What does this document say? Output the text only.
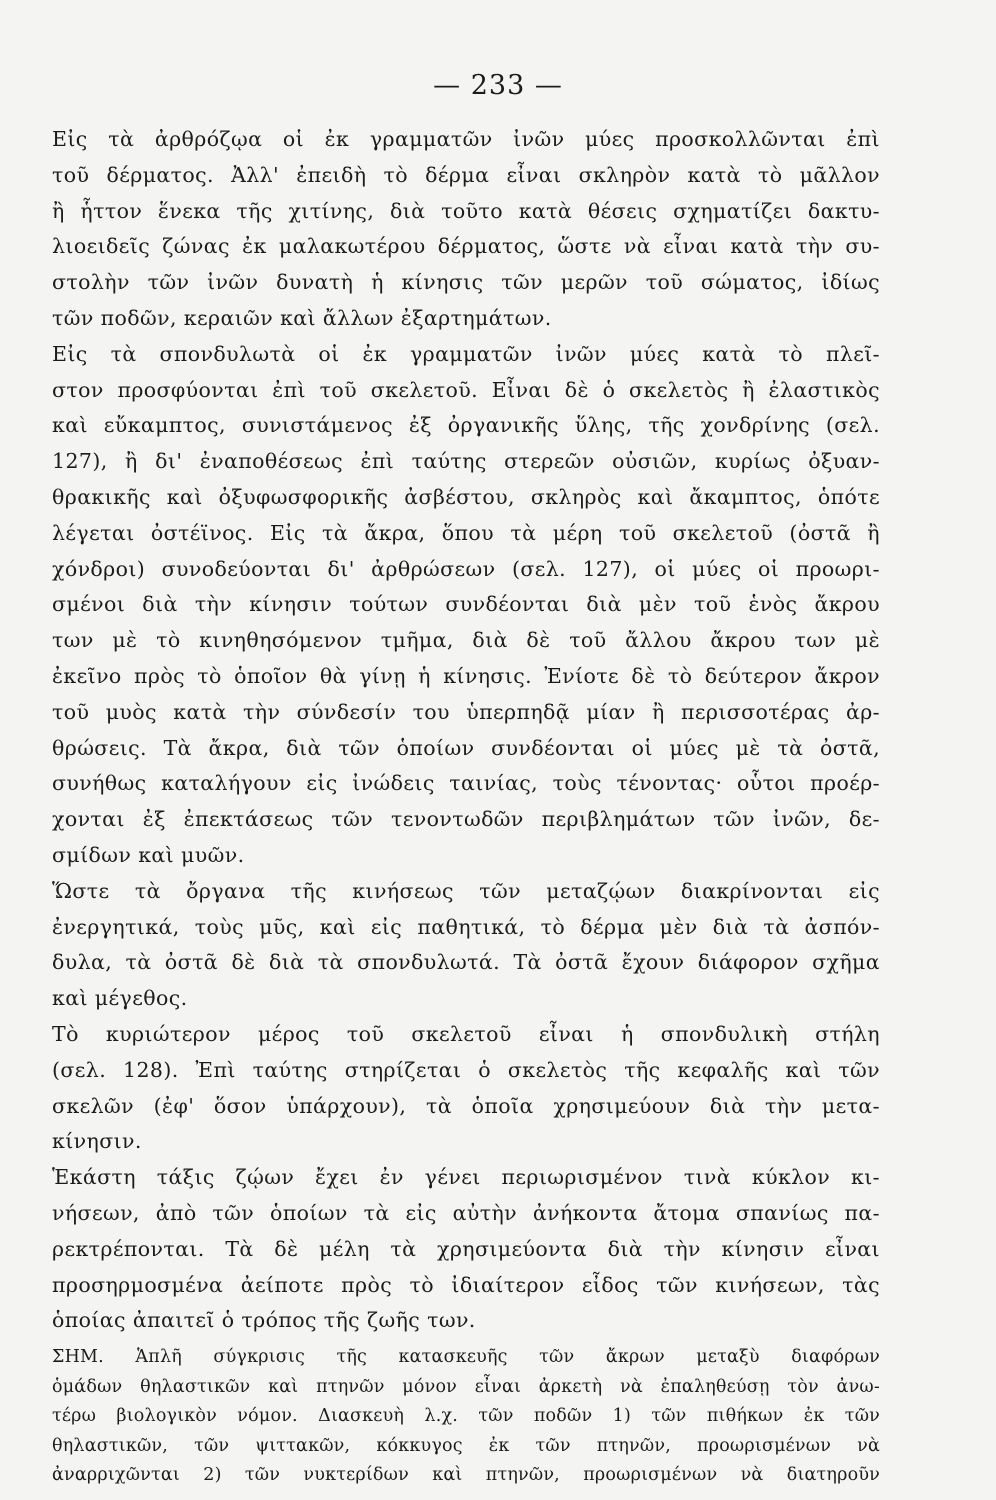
— 233 —
Εἰς τὰ ἀρθρόζῳα οἱ ἐκ γραμματῶν ἰνῶν μύες προσκολλῶνται ἐπὶ
τοῦ δέρματος. Ἀλλ' ἐπειδὴ τὸ δέρμα εἶναι σκληρὸν κατὰ τὸ μᾶλλον
ἢ ἧττον ἕνεκα τῆς χιτίνης, διὰ τοῦτο κατὰ θέσεις σχηματίζει δακτυ-
λιοειδεῖς ζώνας ἐκ μαλακωτέρου δέρματος, ὥστε νὰ εἶναι κατὰ τὴν συ-
στολὴν τῶν ἰνῶν δυνατὴ ἡ κίνησις τῶν μερῶν τοῦ σώματος, ἰδίως
τῶν ποδῶν, κεραιῶν καὶ ἄλλων ἐξαρτημάτων.
Εἰς τὰ σπονδυλωτὰ οἱ ἐκ γραμματῶν ἰνῶν μύες κατὰ τὸ πλεῖ-
στον προσφύονται ἐπὶ τοῦ σκελετοῦ. Εἶναι δὲ ὁ σκελετὸς ἢ ἐλαστικὸς
καὶ εὔκαμπτος, συνιστάμενος ἐξ ὀργανικῆς ὕλης, τῆς χονδρίνης (σελ.
127), ἢ δι' ἐναποθέσεως ἐπὶ ταύτης στερεῶν οὐσιῶν, κυρίως ὀξυαν-
θρακικῆς καὶ ὀξυφωσφορικῆς ἀσβέστου, σκληρὸς καὶ ἄκαμπτος, ὁπότε
λέγεται ὀστέϊνος. Εἰς τὰ ἄκρα, ὅπου τὰ μέρη τοῦ σκελετοῦ (ὀστᾶ ἢ
χόνδροι) συνοδεύονται δι' ἀρθρώσεων (σελ. 127), οἱ μύες οἱ προωρι-
σμένοι διὰ τὴν κίνησιν τούτων συνδέονται διὰ μὲν τοῦ ἑνὸς ἄκρου
των μὲ τὸ κινηθησόμενον τμῆμα, διὰ δὲ τοῦ ἄλλου ἄκρου των μὲ
ἐκεῖνο πρὸς τὸ ὁποῖον θὰ γίνῃ ἡ κίνησις. Ἐνίοτε δὲ τὸ δεύτερον ἄκρον
τοῦ μυὸς κατὰ τὴν σύνδεσίν του ὑπερπηδᾷ μίαν ἢ περισσοτέρας ἀρ-
θρώσεις. Τὰ ἄκρα, διὰ τῶν ὁποίων συνδέονται οἱ μύες μὲ τὰ ὀστᾶ,
συνήθως καταλήγουν εἰς ἰνώδεις ταινίας, τοὺς τένοντας· οὗτοι προέρ-
χονται ἐξ ἐπεκτάσεως τῶν τενοντωδῶν περιβλημάτων τῶν ἰνῶν, δε-
σμίδων καὶ μυῶν.
Ὥστε τὰ ὄργανα τῆς κινήσεως τῶν μεταζῴων διακρίνονται εἰς
ἐνεργητικά, τοὺς μῦς, καὶ εἰς παθητικά, τὸ δέρμα μὲν διὰ τὰ ἀσπόν-
δυλα, τὰ ὀστᾶ δὲ διὰ τὰ σπονδυλωτά. Τὰ ὀστᾶ ἔχουν διάφορον σχῆμα
καὶ μέγεθος.
Τὸ κυριώτερον μέρος τοῦ σκελετοῦ εἶναι ἡ σπονδυλικὴ στήλη
(σελ. 128). Ἐπὶ ταύτης στηρίζεται ὁ σκελετὸς τῆς κεφαλῆς καὶ τῶν
σκελῶν (ἐφ' ὅσον ὑπάρχουν), τὰ ὁποῖα χρησιμεύουν διὰ τὴν μετα-
κίνησιν.
Ἑκάστη τάξις ζῴων ἔχει ἐν γένει περιωρισμένον τινὰ κύκλον κι-
νήσεων, ἀπὸ τῶν ὁποίων τὰ εἰς αὐτὴν ἀνήκοντα ἄτομα σπανίως πα-
ρεκτρέπονται. Τὰ δὲ μέλη τὰ χρησιμεύοντα διὰ τὴν κίνησιν εἶναι
προσηρμοσμένα ἀείποτε πρὸς τὸ ἰδιαίτερον εἶδος τῶν κινήσεων, τὰς
ὁποίας ἀπαιτεῖ ὁ τρόπος τῆς ζωῆς των.
ΣΗΜ. Ἁπλῆ σύγκρισις τῆς κατασκευῆς τῶν ἄκρων μεταξὺ διαφόρων
ὁμάδων θηλαστικῶν καὶ πτηνῶν μόνον εἶναι ἀρκετὴ νὰ ἐπαληθεύσῃ τὸν ἀνω-
τέρω βιολογικὸν νόμον. Διασκευὴ λ.χ. τῶν ποδῶν 1) τῶν πιθήκων ἐκ τῶν
θηλαστικῶν, τῶν ψιττακῶν, κόκκυγος ἐκ τῶν πτηνῶν, προωρισμένων νὰ
ἀναρριχῶνται 2) τῶν νυκτερίδων καὶ πτηνῶν, προωρισμένων νὰ διατηροῦν
